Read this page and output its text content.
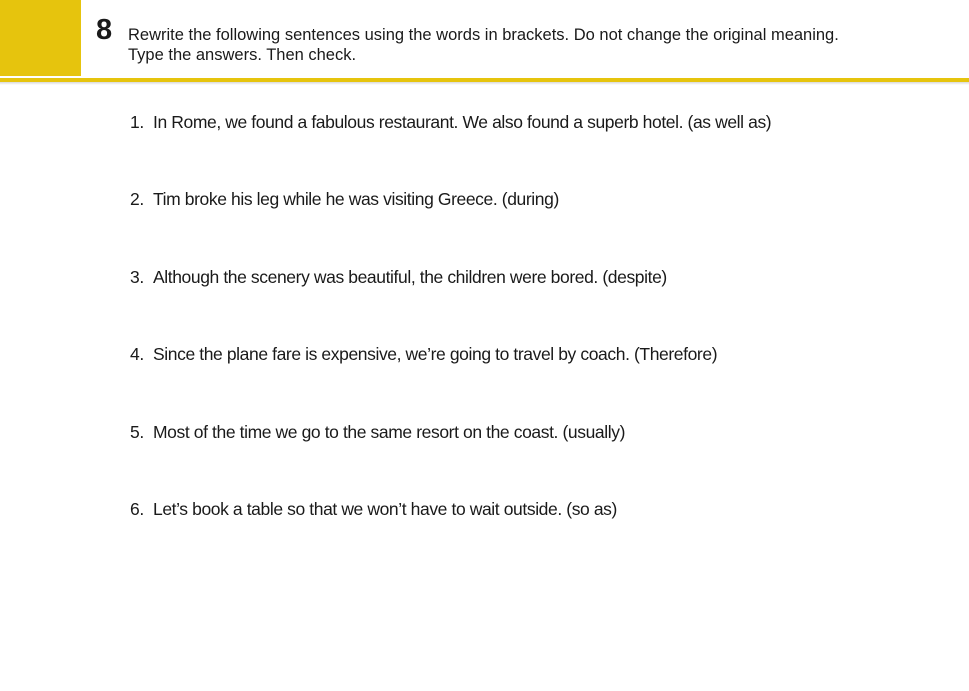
8 Rewrite the following sentences using the words in brackets. Do not change the original meaning.
Type the answers. Then check.
1. In Rome, we found a fabulous restaurant. We also found a superb hotel. (as well as)
2. Tim broke his leg while he was visiting Greece. (during)
3. Although the scenery was beautiful, the children were bored. (despite)
4. Since the plane fare is expensive, we’re going to travel by coach. (Therefore)
5. Most of the time we go to the same resort on the coast. (usually)
6. Let’s book a table so that we won’t have to wait outside. (so as)
